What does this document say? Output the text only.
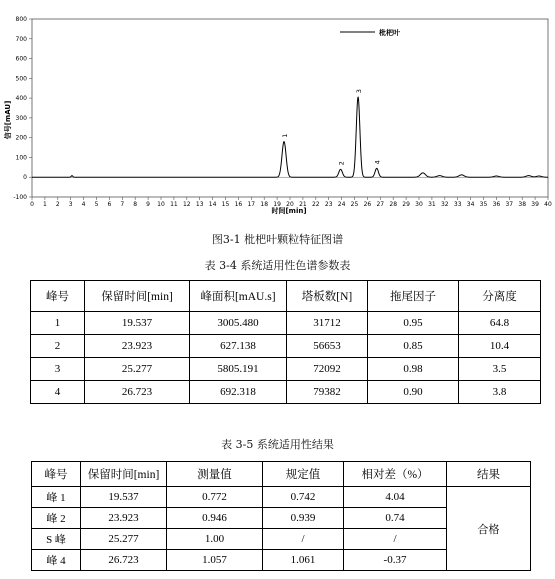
-100
0
100
200
300
400
500
600
700
800
0 1 2 3 4 5 6 7 8 9 10 11 12 13 14 15 16 17 18 19 20 21 22 23 24 25 26 27 28 29 30 31 32 33 34 35 36 37 38 39 40
1
2
3
4
枇杷叶
信号[mAU]
时间[min]
图3-1 枇杷叶颗粒特征图谱
表 3-4 系统适用性色谱参数表
峰号	保留时间[min]	峰面积[mAU.s]	塔板数[N]	拖尾因子	分离度
1	19.537	3005.480	31712	0.95	64.8
2	23.923	627.138	56653	0.85	10.4
3	25.277	5805.191	72092	0.98	3.5
4	26.723	692.318	79382	0.90	3.8
表 3-5 系统适用性结果
峰号	保留时间[min]	测量值	规定值	相对差（%）	结果
峰 1	19.537	0.772	0.742	4.04	合格
峰 2	23.923	0.946	0.939	0.74	
S 峰	25.277	1.00	/	/	
峰 4	26.723	1.057	1.061	-0.37	
